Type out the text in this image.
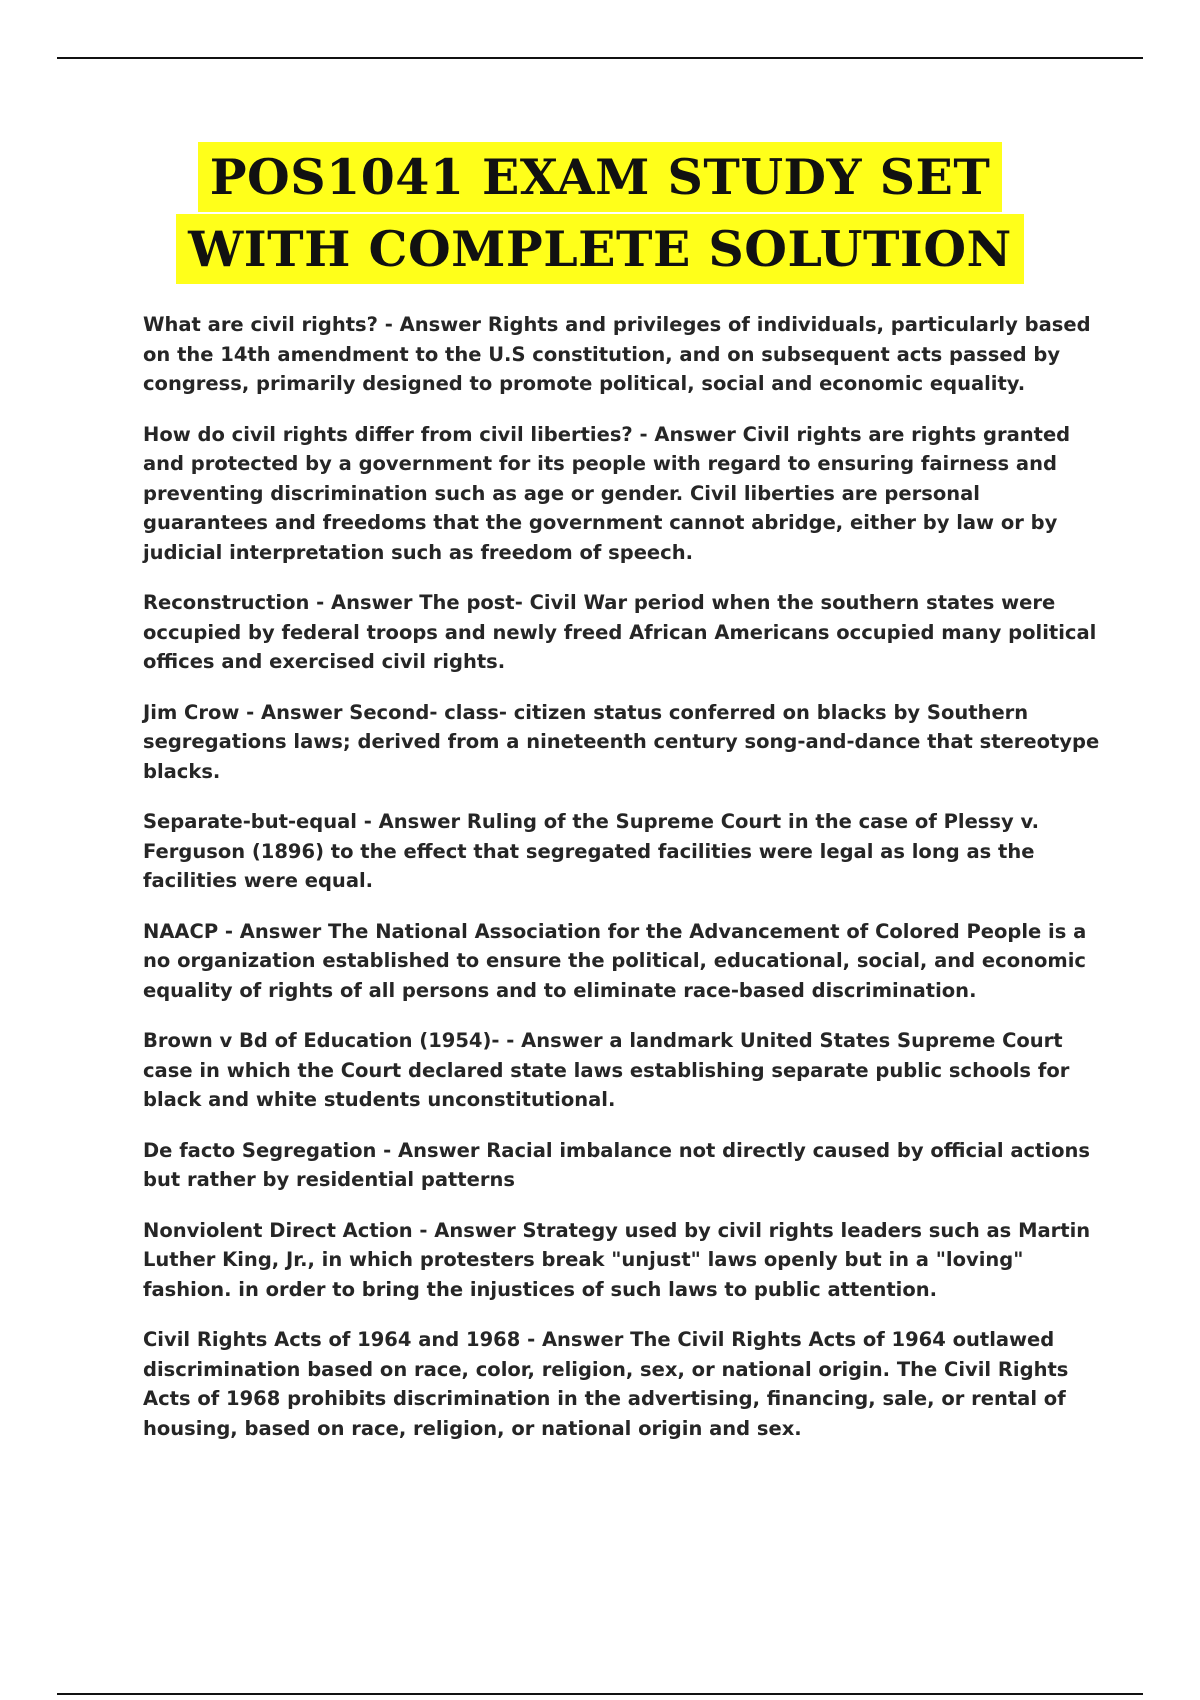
POS1041 EXAM STUDY SET
WITH COMPLETE SOLUTION

What are civil rights? - Answer Rights and privileges of individuals, particularly based on the 14th amendment to the U.S constitution, and on subsequent acts passed by congress, primarily designed to promote political, social and economic equality.

How do civil rights differ from civil liberties? - Answer Civil rights are rights granted and protected by a government for its people with regard to ensuring fairness and preventing discrimination such as age or gender. Civil liberties are personal guarantees and freedoms that the government cannot abridge, either by law or by judicial interpretation such as freedom of speech.

Reconstruction - Answer The post- Civil War period when the southern states were occupied by federal troops and newly freed African Americans occupied many political offices and exercised civil rights.

Jim Crow - Answer Second- class- citizen status conferred on blacks by Southern segregations laws; derived from a nineteenth century song-and-dance that stereotype blacks.

Separate-but-equal - Answer Ruling of the Supreme Court in the case of Plessy v. Ferguson (1896) to the effect that segregated facilities were legal as long as the facilities were equal.

NAACP - Answer The National Association for the Advancement of Colored People is a no organization established to ensure the political, educational, social, and economic equality of rights of all persons and to eliminate race-based discrimination.

Brown v Bd of Education (1954)- - Answer a landmark United States Supreme Court case in which the Court declared state laws establishing separate public schools for black and white students unconstitutional.

De facto Segregation - Answer Racial imbalance not directly caused by official actions but rather by residential patterns

Nonviolent Direct Action - Answer Strategy used by civil rights leaders such as Martin Luther King, Jr., in which protesters break "unjust" laws openly but in a "loving" fashion. in order to bring the injustices of such laws to public attention.

Civil Rights Acts of 1964 and 1968 - Answer The Civil Rights Acts of 1964 outlawed discrimination based on race, color, religion, sex, or national origin. The Civil Rights Acts of 1968 prohibits discrimination in the advertising, financing, sale, or rental of housing, based on race, religion, or national origin and sex.
